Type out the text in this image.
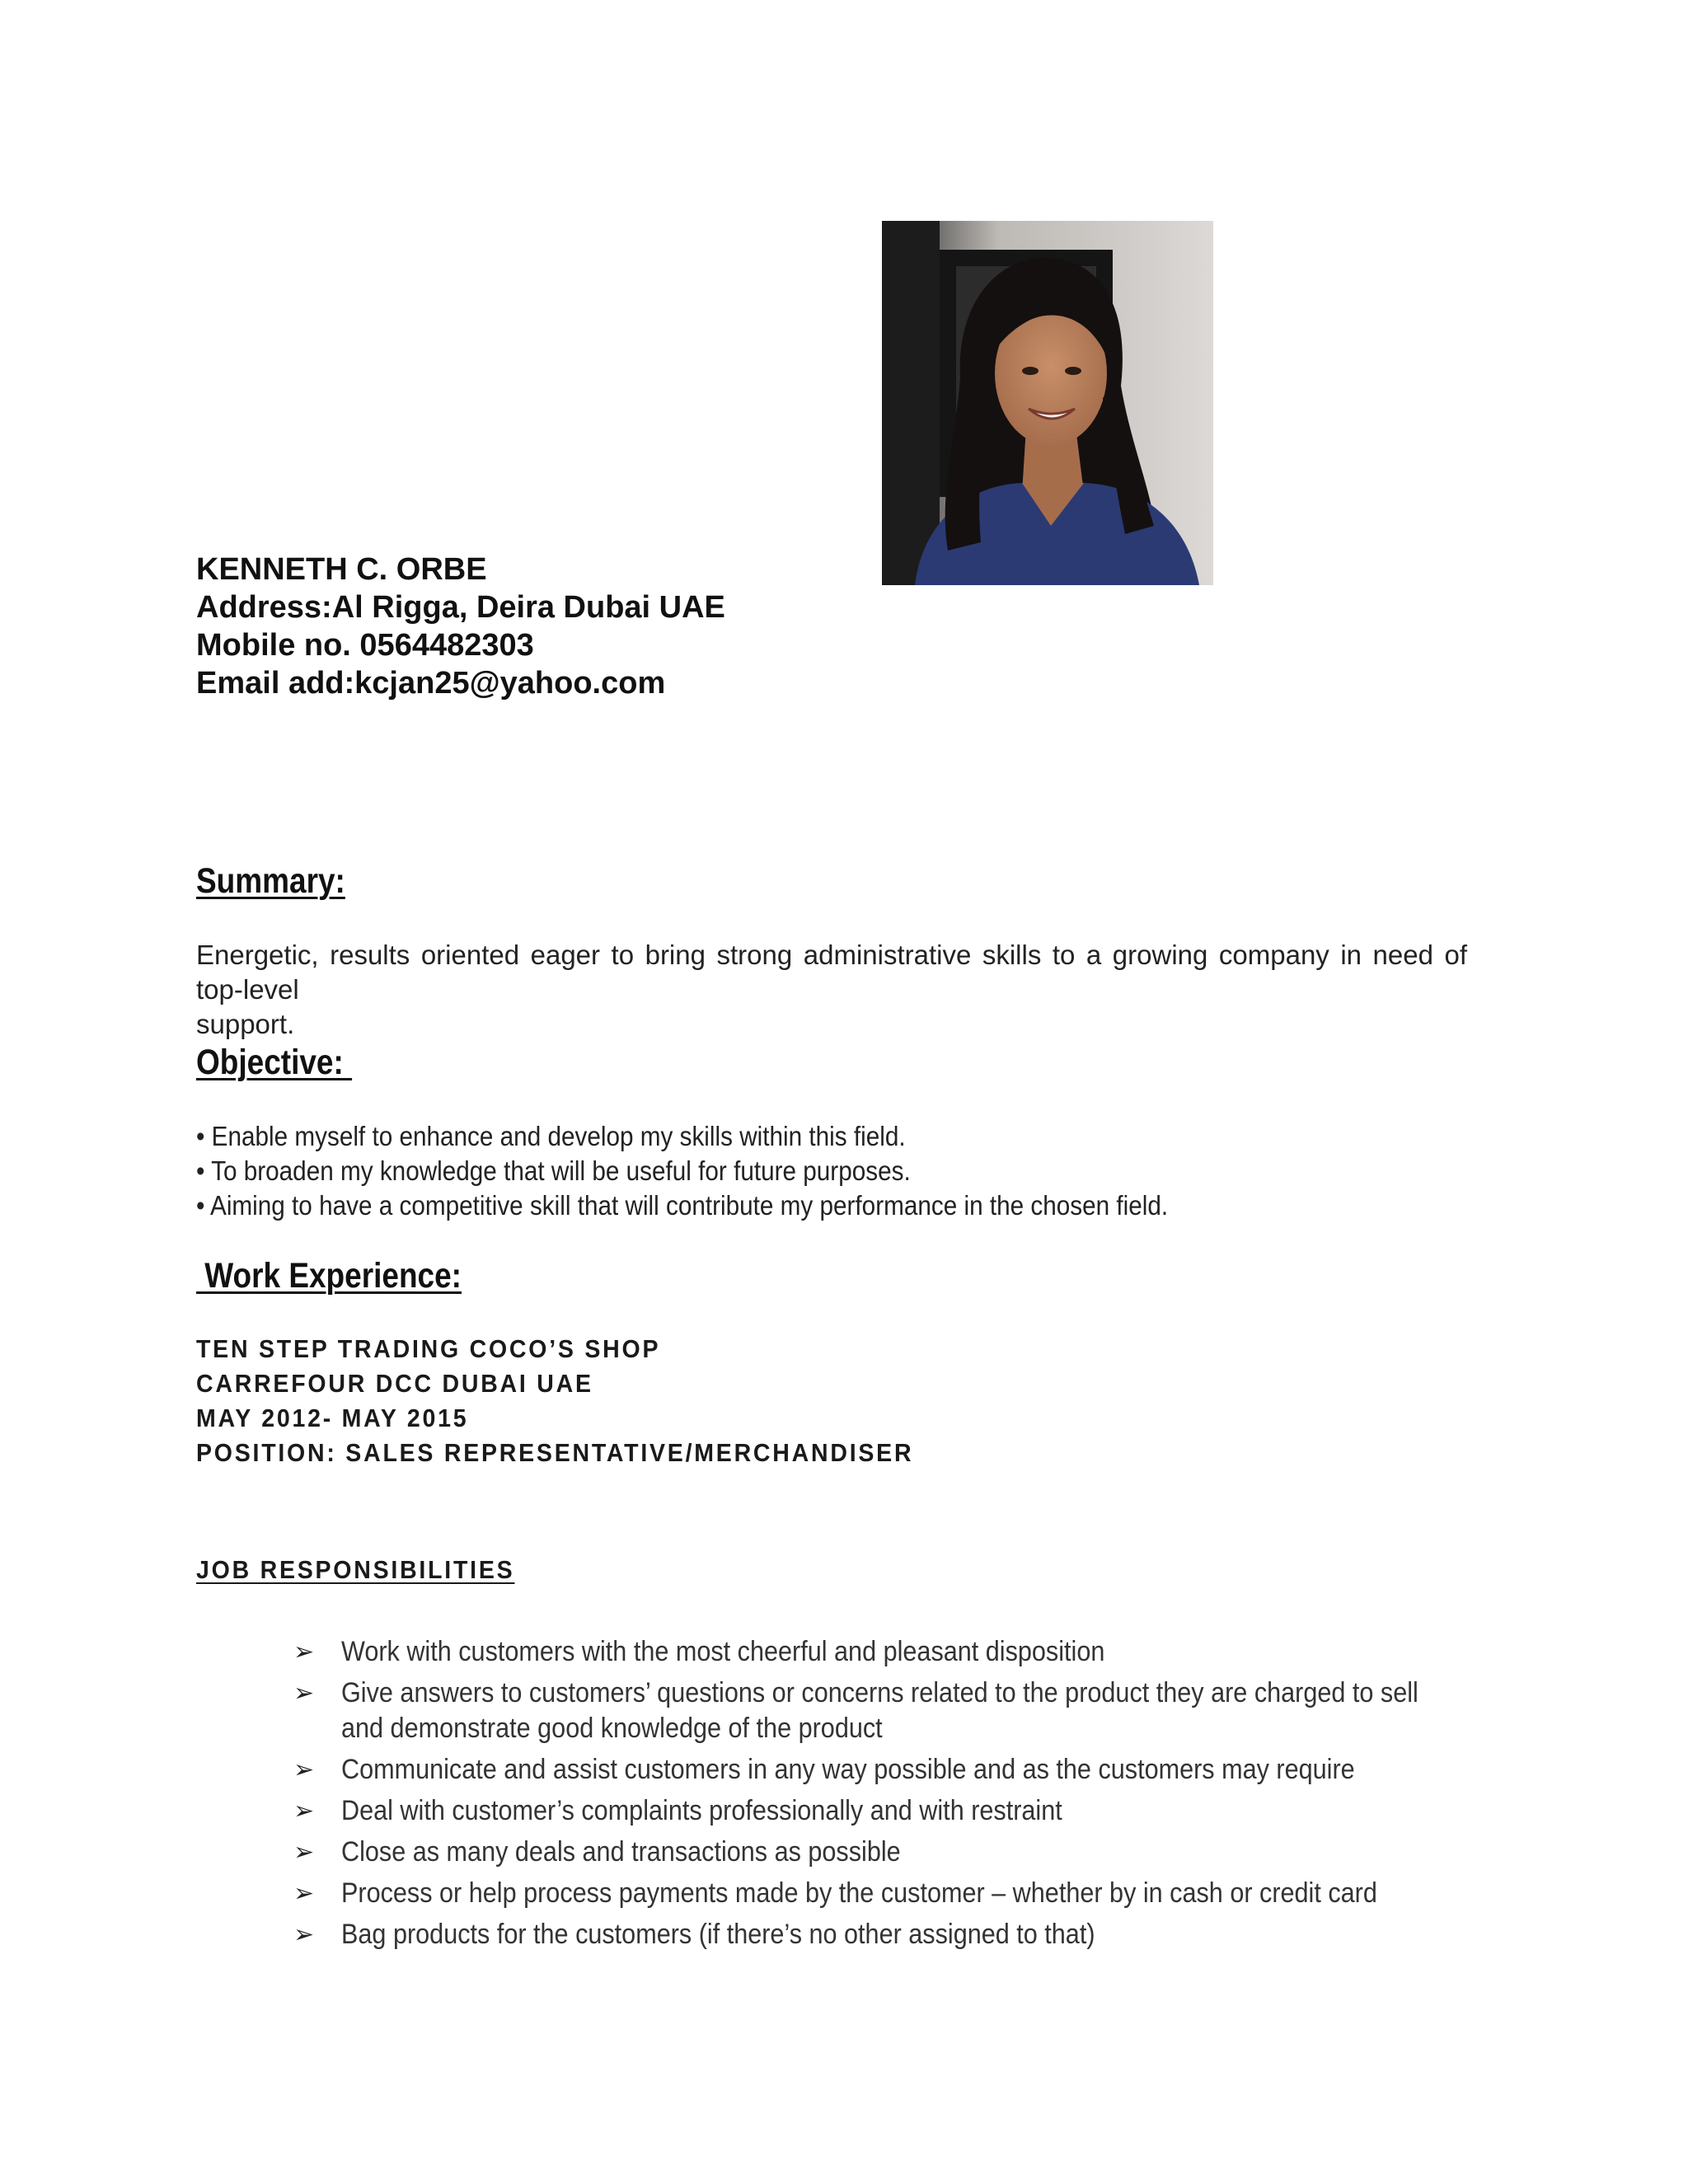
KENNETH C. ORBE
Address:Al Rigga, Deira Dubai UAE
Mobile no. 0564482303
Email add:kcjan25@yahoo.com
Summary:
Energetic, results oriented eager to bring strong administrative skills to a growing company in need of top-level
support.
Objective:
• Enable myself to enhance and develop my skills within this field.
• To broaden my knowledge that will be useful for future purposes.
• Aiming to have a competitive skill that will contribute my performance in the chosen field.
Work Experience:
TEN STEP TRADING COCO’S SHOP
CARREFOUR DCC DUBAI UAE
MAY 2012- MAY 2015
POSITION: SALES REPRESENTATIVE/MERCHANDISER
JOB RESPONSIBILITIES
➢ Work with customers with the most cheerful and pleasant disposition
➢ Give answers to customers’ questions or concerns related to the product they are charged to sell and demonstrate good knowledge of the product
➢ Communicate and assist customers in any way possible and as the customers may require
➢ Deal with customer’s complaints professionally and with restraint
➢ Close as many deals and transactions as possible
➢ Process or help process payments made by the customer – whether by in cash or credit card
➢ Bag products for the customers (if there’s no other assigned to that)
